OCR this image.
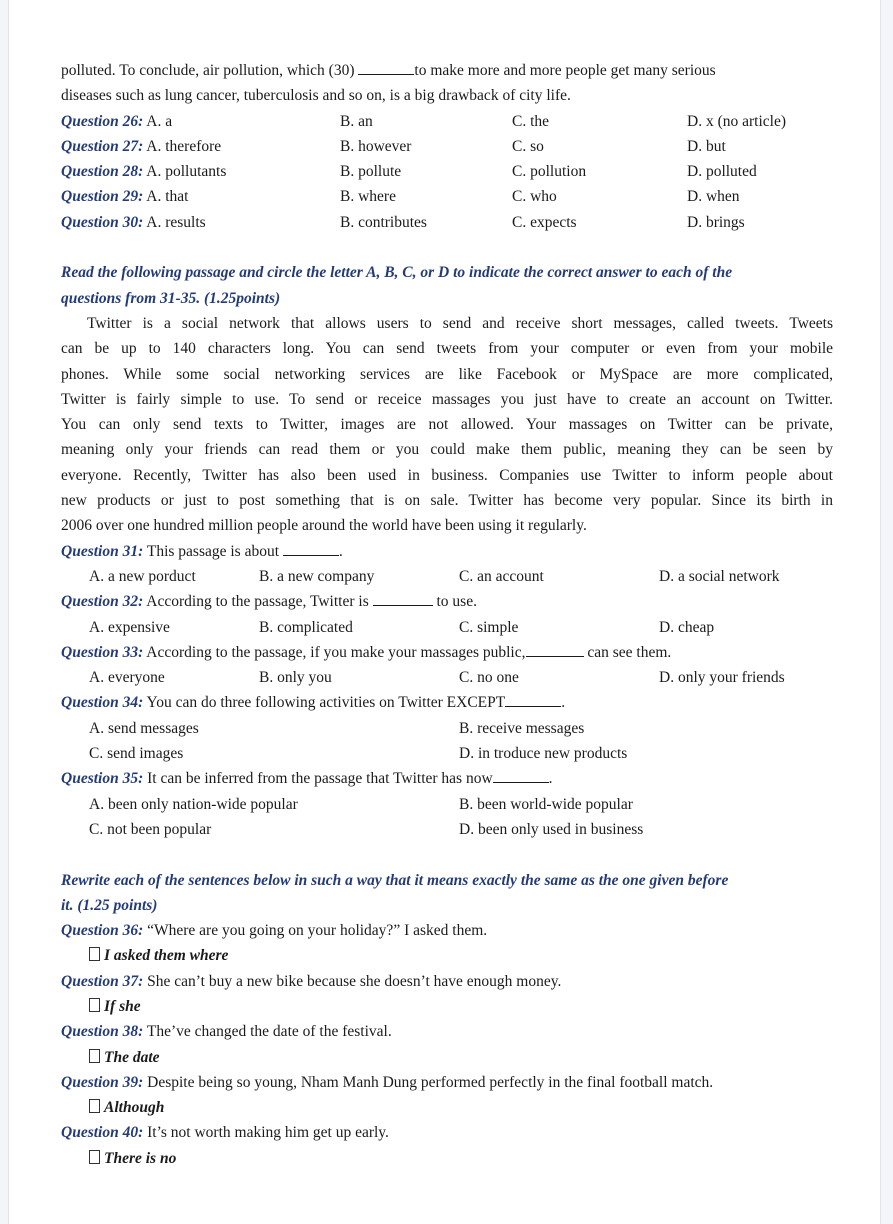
polluted. To conclude, air pollution, which (30)	to make more and more people get many serious
diseases such as lung cancer, tuberculosis and so on, is a big drawback of city life.
Question 26: A. a	B. an	C. the	D. x (no article)
Question 27: A. therefore	B. however	C. so	D. but
Question 28: A. pollutants	B. pollute	C. pollution	D. polluted
Question 29: A. that	B. where	C. who	D. when
Question 30: A. results	B. contributes	C. expects	D. brings
Read the following passage and circle the letter A, B, C, or D to indicate the correct answer to each of the
questions from 31-35. (1.25points)
Twitter is a social network that allows users to send and receive short messages, called tweets. Tweets
can be up to 140 characters long. You can send tweets from your computer or even from your mobile
phones. While some social networking services are like Facebook or MySpace are more complicated,
Twitter is fairly simple to use. To send or receice massages you just have to create an account on Twitter.
You can only send texts to Twitter, images are not allowed. Your massages on Twitter can be private,
meaning only your friends can read them or you could make them public, meaning they can be seen by
everyone. Recently, Twitter has also been used in business. Companies use Twitter to inform people about
new products or just to post something that is on sale. Twitter has become very popular. Since its birth in
2006 over one hundred million people around the world have been using it regularly.
Question 31: This passage is about	.
A. a new porduct	B. a new company	C. an account	D. a social network
Question 32: According to the passage, Twitter is	to use.
A. expensive	B. complicated	C. simple	D. cheap
Question 33: According to the passage, if you make your massages public,	can see them.
A. everyone	B. only you	C. no one	D. only your friends
Question 34: You can do three following activities on Twitter EXCEPT	.
A. send messages	B. receive messages
C. send images	D. in troduce new products
Question 35: It can be inferred from the passage that Twitter has now	.
A. been only nation-wide popular	B. been world-wide popular
C. not been popular	D. been only used in business
Rewrite each of the sentences below in such a way that it means exactly the same as the one given before
it. (1.25 points)
Question 36: “Where are you going on your holiday?” I asked them.
I asked them where
Question 37: She can’t buy a new bike because she doesn’t have enough money.
If she
Question 38: The’ve changed the date of the festival.
The date
Question 39: Despite being so young, Nham Manh Dung performed perfectly in the final football match.
Although
Question 40: It’s not worth making him get up early.
There is no
